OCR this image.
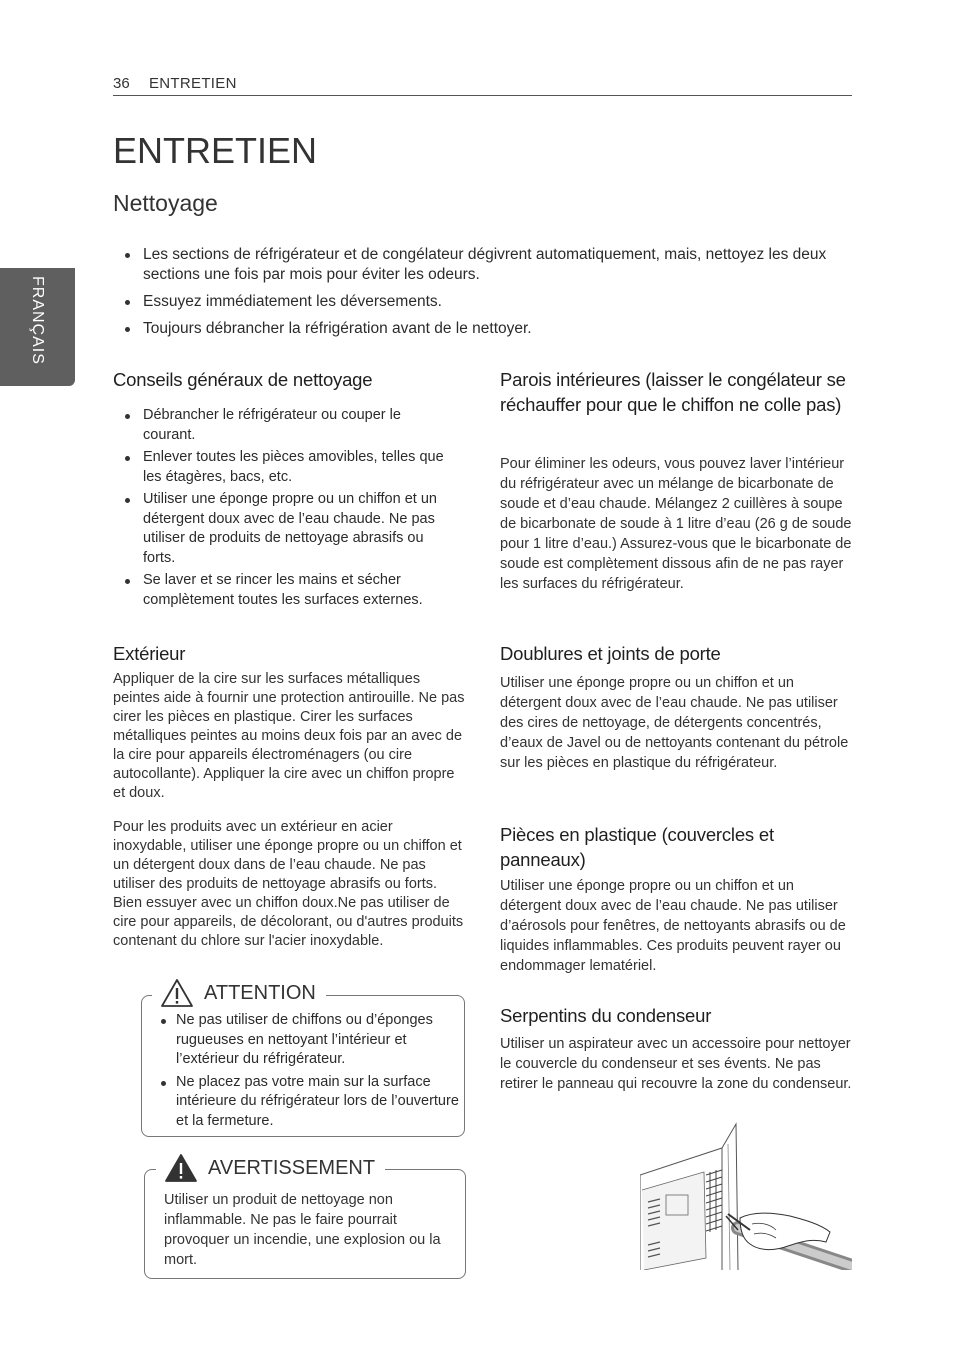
36 ENTRETIEN
FRANÇAIS
ENTRETIEN
Nettoyage
Les sections de réfrigérateur et de congélateur dégivrent automatiquement, mais, nettoyez les deux sections une fois par mois pour éviter les odeurs.
Essuyez immédiatement les déversements.
Toujours débrancher la réfrigération avant de le nettoyer.
Conseils généraux de nettoyage
Débrancher le réfrigérateur ou couper le courant.
Enlever toutes les pièces amovibles, telles que les étagères, bacs, etc.
Utiliser une éponge propre ou un chiffon et un détergent doux avec de l’eau chaude. Ne pas utiliser de produits de nettoyage abrasifs ou forts.
Se laver et se rincer les mains et sécher complètement toutes les surfaces externes.
Extérieur
Appliquer de la cire sur les surfaces métalliques peintes aide à fournir une protection antirouille. Ne pas cirer les pièces en plastique. Cirer les surfaces métalliques peintes au moins deux fois par an avec de la cire pour appareils électroménagers (ou cire autocollante). Appliquer la cire avec un chiffon propre et doux.
Pour les produits avec un extérieur en acier inoxydable, utiliser une éponge propre ou un chiffon et un détergent doux dans de l’eau chaude. Ne pas utiliser des produits de nettoyage abrasifs ou forts. Bien essuyer avec un chiffon doux.Ne pas utiliser de cire pour appareils, de décolorant, ou d'autres produits contenant du chlore sur l'acier inoxydable.
ATTENTION
Ne pas utiliser de chiffons ou d’éponges rugueuses en nettoyant l’intérieur et l’extérieur du réfrigérateur.
Ne placez pas votre main sur la surface intérieure du réfrigérateur lors de l’ouverture et la fermeture.
AVERTISSEMENT
Utiliser un produit de nettoyage non inflammable. Ne pas le faire pourrait provoquer un incendie, une explosion ou la mort.
Parois intérieures (laisser le congélateur se réchauffer pour que le chiffon ne colle pas)
Pour éliminer les odeurs, vous pouvez laver l’intérieur du réfrigérateur avec un mélange de bicarbonate de soude et d’eau chaude. Mélangez 2 cuillères à soupe de bicarbonate de soude à 1 litre d’eau (26 g de soude pour 1 litre d’eau.) Assurez-vous que le bicarbonate de soude est complètement dissous afin de ne pas rayer les surfaces du réfrigérateur.
Doublures et joints de porte
Utiliser une éponge propre ou un chiffon et un détergent doux avec de l’eau chaude. Ne pas utiliser des cires de nettoyage, de détergents concentrés, d’eaux de Javel ou de nettoyants contenant du pétrole sur les pièces en plastique du réfrigérateur.
Pièces en plastique (couvercles et panneaux)
Utiliser une éponge propre ou un chiffon et un détergent doux avec de l’eau chaude. Ne pas utiliser d’aérosols pour fenêtres, de nettoyants abrasifs ou de liquides inflammables. Ces produits peuvent rayer ou endommager lematériel.
Serpentins du condenseur
Utiliser un aspirateur avec un accessoire pour nettoyer le couvercle du condenseur et ses évents. Ne pas retirer le panneau qui recouvre la zone du condenseur.
